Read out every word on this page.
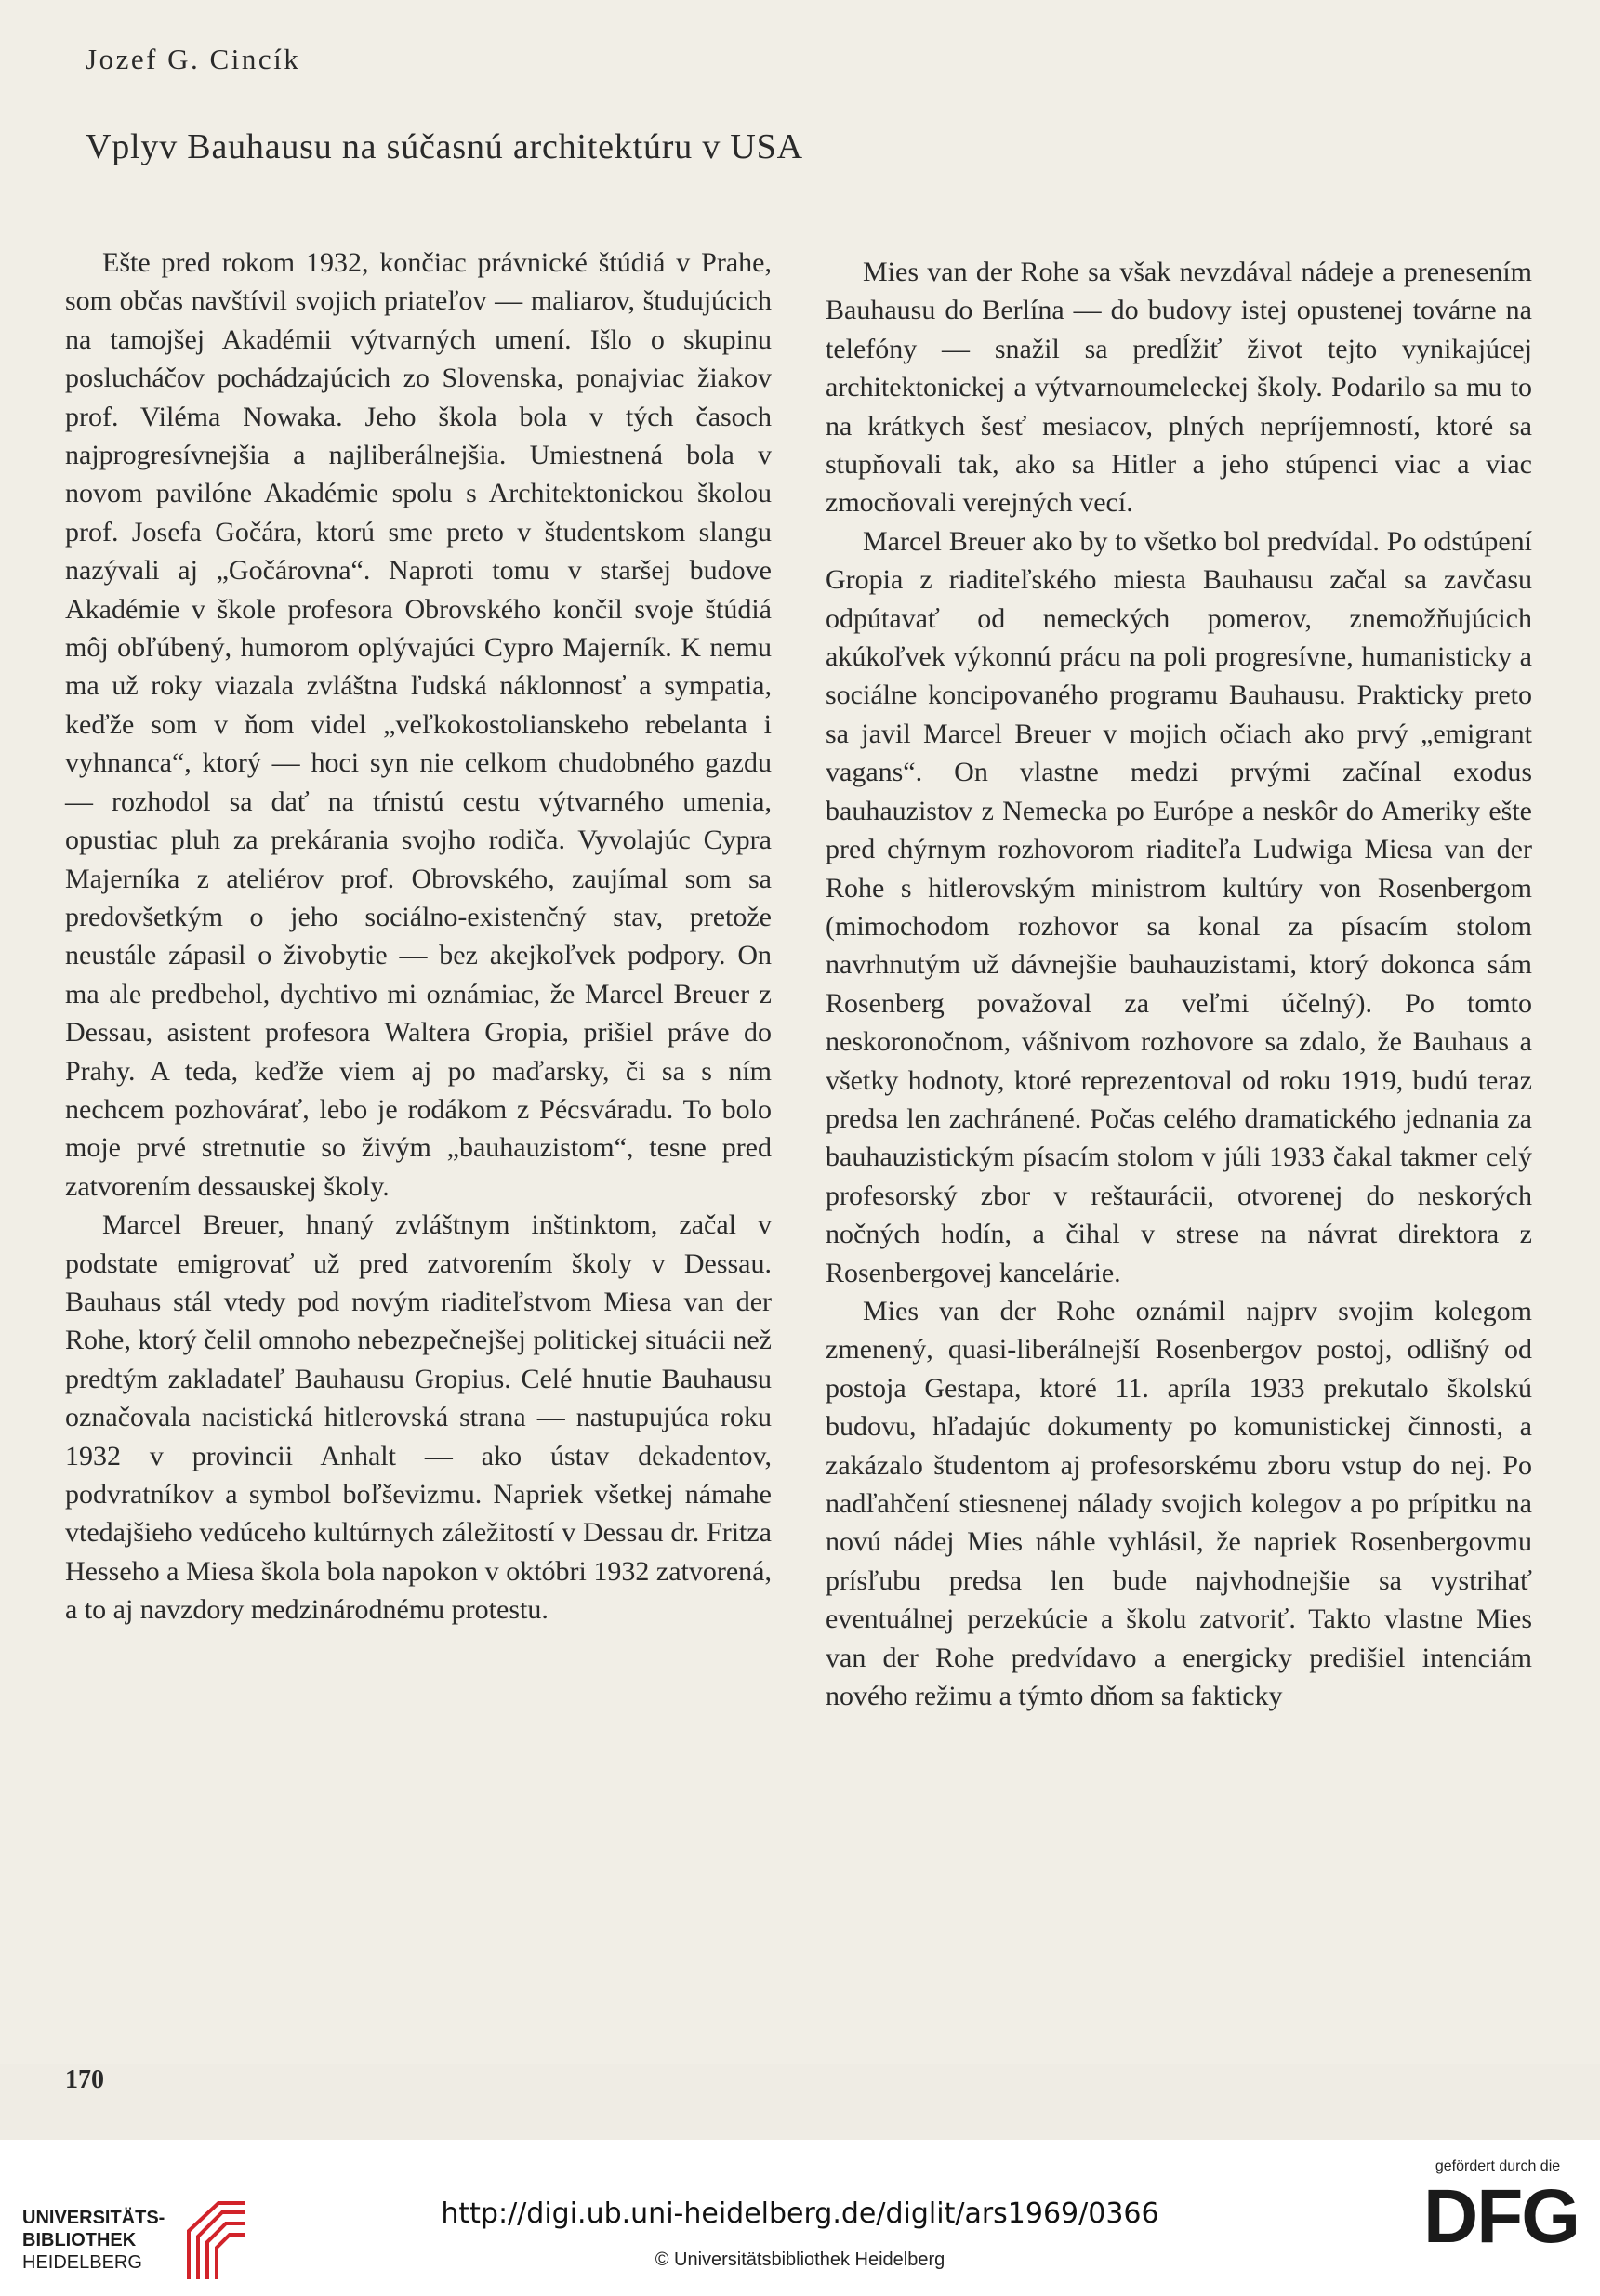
Jozef G. Cincík
Vplyv Bauhausu na súčasnú architektúru v USA

Ešte pred rokom 1932, končiac právnické štúdiá v Prahe, som občas navštívil svojich priateľov — maliarov, študujúcich na tamojšej Akadémii výtvarných umení. Išlo o skupinu poslucháčov pochádzajúcich zo Slovenska, ponajviac žiakov prof. Viléma Nowaka. Jeho škola bola v tých časoch najprogresívnejšia a najliberálnejšia. Umiestnená bola v novom pavilóne Akadémie spolu s Architektonickou školou prof. Josefa Gočára, ktorú sme preto v študentskom slangu nazývali aj „Gočárovna“. Naproti tomu v staršej budove Akadémie v škole profesora Obrovského končil svoje štúdiá môj obľúbený, humorom oplývajúci Cypro Majerník. K nemu ma už roky viazala zvláštna ľudská náklonnosť a sympatia, keďže som v ňom videl „veľkokostolianskeho rebelanta i vyhnanca“, ktorý — hoci syn nie celkom chudobného gazdu — rozhodol sa dať na tŕnistú cestu výtvarného umenia, opustiac pluh za prekárania svojho rodiča. Vyvolajúc Cypra Majerníka z ateliérov prof. Obrovského, zaujímal som sa predovšetkým o jeho sociálno-existenčný stav, pretože neustále zápasil o živobytie — bez akejkoľvek podpory. On ma ale predbehol, dychtivo mi oznámiac, že Marcel Breuer z Dessau, asistent profesora Waltera Gropia, prišiel práve do Prahy. A teda, keďže viem aj po maďarsky, či sa s ním nechcem pozhovárať, lebo je rodákom z Pécsváradu. To bolo moje prvé stretnutie so živým „bauhauzistom“, tesne pred zatvorením dessauskej školy.

Marcel Breuer, hnaný zvláštnym inštinktom, začal v podstate emigrovať už pred zatvorením školy v Dessau. Bauhaus stál vtedy pod novým riaditeľstvom Miesa van der Rohe, ktorý čelil omnoho nebezpečnejšej politickej situácii než predtým zakladateľ Bauhausu Gropius. Celé hnutie Bauhausu označovala nacistická hitlerovská strana — nastupujúca roku 1932 v provincii Anhalt — ako ústav dekadentov, podvratníkov a symbol boľševizmu. Napriek všetkej námahe vtedajšieho vedúceho kultúrnych záležitostí v Dessau dr. Fritza Hesseho a Miesa škola bola napokon v októbri 1932 zatvorená, a to aj navzdory medzinárodnému protestu.

Mies van der Rohe sa však nevzdával nádeje a prenesením Bauhausu do Berlína — do budovy istej opustenej továrne na telefóny — snažil sa predĺžiť život tejto vynikajúcej architektonickej a výtvarnoumeleckej školy. Podarilo sa mu to na krátkych šesť mesiacov, plných nepríjemností, ktoré sa stupňovali tak, ako sa Hitler a jeho stúpenci viac a viac zmocňovali verejných vecí.

Marcel Breuer ako by to všetko bol predvídal. Po odstúpení Gropia z riaditeľského miesta Bauhausu začal sa zavčasu odpútavať od nemeckých pomerov, znemožňujúcich akúkoľvek výkonnú prácu na poli progresívne, humanisticky a sociálne koncipovaného programu Bauhausu. Prakticky preto sa javil Marcel Breuer v mojich očiach ako prvý „emigrant vagans“. On vlastne medzi prvými začínal exodus bauhauzistov z Nemecka po Európe a neskôr do Ameriky ešte pred chýrnym rozhovorom riaditeľa Ludwiga Miesa van der Rohe s hitlerovským ministrom kultúry von Rosenbergom (mimochodom rozhovor sa konal za písacím stolom navrhnutým už dávnejšie bauhauzistami, ktorý dokonca sám Rosenberg považoval za veľmi účelný). Po tomto neskoronočnom, vášnivom rozhovore sa zdalo, že Bauhaus a všetky hodnoty, ktoré reprezentoval od roku 1919, budú teraz predsa len zachránené. Počas celého dramatického jednania za bauhauzistickým písacím stolom v júli 1933 čakal takmer celý profesorský zbor v reštaurácii, otvorenej do neskorých nočných hodín, a čihal v strese na návrat direktora z Rosenbergovej kancelárie.

Mies van der Rohe oznámil najprv svojim kolegom zmenený, quasi-liberálnejší Rosenbergov postoj, odlišný od postoja Gestapa, ktoré 11. apríla 1933 prekutalo školskú budovu, hľadajúc dokumenty po komunistickej činnosti, a zakázalo študentom aj profesorskému zboru vstup do nej. Po nadľahčení stiesnenej nálady svojich kolegov a po prípitku na novú nádej Mies náhle vyhlásil, že napriek Rosenbergovmu prísľubu predsa len bude najvhodnejšie sa vystrihať eventuálnej perzekúcie a školu zatvoriť. Takto vlastne Mies van der Rohe predvídavo a energicky predišiel intenciám nového režimu a týmto dňom sa fakticky

170
UNIVERSITÄTS-
BIBLIOTHEK
HEIDELBERG
http://digi.ub.uni-heidelberg.de/diglit/ars1969/0366
© Universitätsbibliothek Heidelberg
gefördert durch die
DFG
